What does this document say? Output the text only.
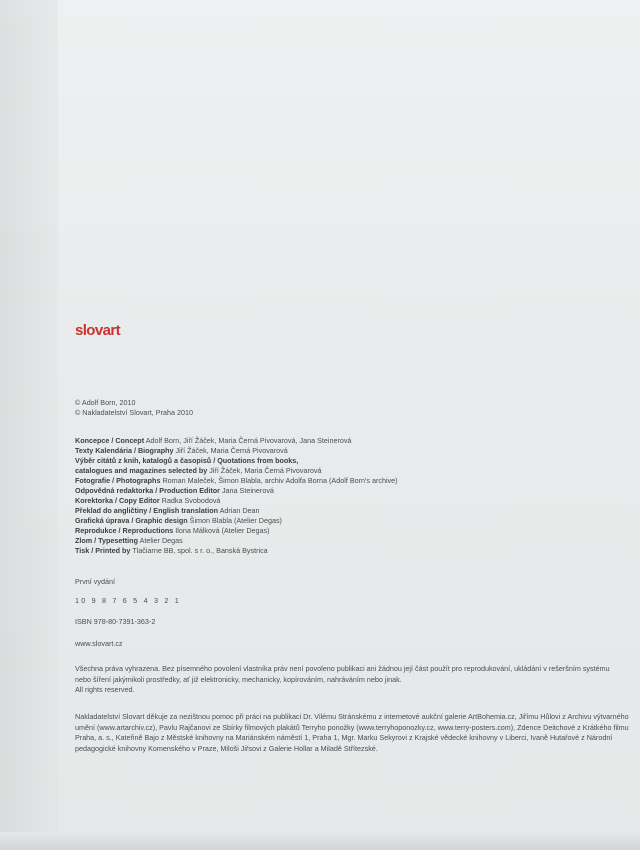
slovart

© Adolf Born, 2010

© Nakladatelství Slovart, Praha 2010

Koncepce / Concept Adolf Born, Jiří Žáček, Maria Černá Pivovarová, Jana Steinerová
Texty Kalendária / Biography Jiří Žáček, Maria Černá Pivovarová
Výběr citátů z knih, katalogů a časopisů / Quotations from books,
catalogues and magazines selected by Jiří Žáček, Maria Černá Pivovarová
Fotografie / Photographs Roman Maleček, Šimon Blabla, archiv Adolfa Borna (Adolf Born's archive)
Odpovědná redaktorka / Production Editor Jana Steinerová
Korektorka / Copy Editor Radka Svobodová
Překlad do angličtiny / English translation Adrian Dean
Grafická úprava / Graphic design Šimon Blabla (Atelier Degas)
Reprodukce / Reproductions Ilona Málková (Atelier Degas)
Zlom / Typesetting Atelier Degas
Tisk / Printed by Tlačiarne BB, spol. s r. o., Banská Bystrica
První vydání
10 9 8 7 6 5 4 3 2 1
ISBN 978-80-7391-363-2
www.slovart.cz

Všechna práva vyhrazena. Bez písemného povolení vlastníka práv není povoleno publikaci ani žádnou její část použít pro reprodukování, ukládání v rešeršním systému

nebo šíření jakýmikoli prostředky, ať již elektronicky, mechanicky, kopírováním, nahráváním nebo jinak.

All rights reserved.

Nakladatelství Slovart děkuje za nezištnou pomoc při práci na publikaci Dr. Vilému Stránskému z internetové aukční galerie ArtBohemia.cz, Jiřímu Hůlovi z Archivu výtvarného umění (www.artarchiv.cz), Pavlu Rajčanovi ze Sbírky filmových plakátů Terryho ponožky (www.terryhoponozky.cz, www.terry-posters.com), Zdence Deitchové z Krátkého filmu Praha, a. s., Kateřině Bajo z Městské knihovny na Mariánském náměstí 1, Praha 1, Mgr. Marku Sekyrovi z Krajské vědecké knihovny v Liberci, Ivaně Hutařové z Národní pedagogické knihovny Komenského v Praze, Miloši Jiřsovi z Galerie Hollar a Miladě Střítezské.
